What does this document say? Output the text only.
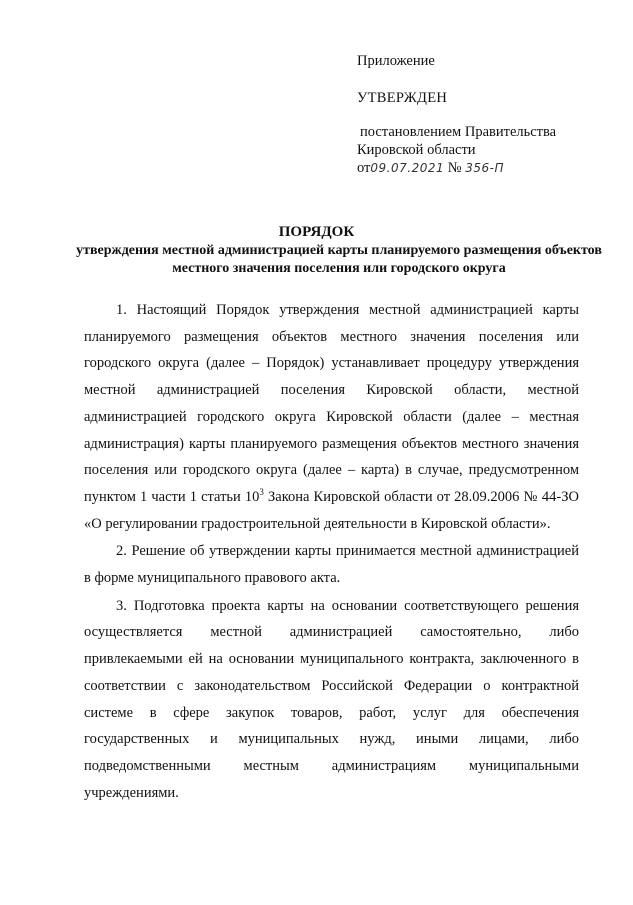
Приложение
УТВЕРЖДЕН
постановлением Правительства
Кировской области
от09.07.2021 № 356-П
ПОРЯДОК
утверждения местной администрацией карты планируемого размещения объектов местного значения поселения или городского округа

1. Настоящий Порядок утверждения местной администрацией карты планируемого размещения объектов местного значения поселения или городского округа (далее – Порядок) устанавливает процедуру утверждения местной администрацией поселения Кировской области, местной администрацией городского округа Кировской области (далее – местная администрация) карты планируемого размещения объектов местного значения поселения или городского округа (далее – карта) в случае, предусмотренном пунктом 1 части 1 статьи $10^3$ Закона Кировской области от 28.09.2006 № 44-ЗО «О регулировании градостроительной деятельности в Кировской области».

2. Решение об утверждении карты принимается местной администрацией в форме муниципального правового акта.

3. Подготовка проекта карты на основании соответствующего решения осуществляется местной администрацией самостоятельно, либо привлекаемыми ей на основании муниципального контракта, заключенного в соответствии с законодательством Российской Федерации о контрактной системе в сфере закупок товаров, работ, услуг для обеспечения государственных и муниципальных нужд, иными лицами, либо подведомственными местным администрациям муниципальными учреждениями.
